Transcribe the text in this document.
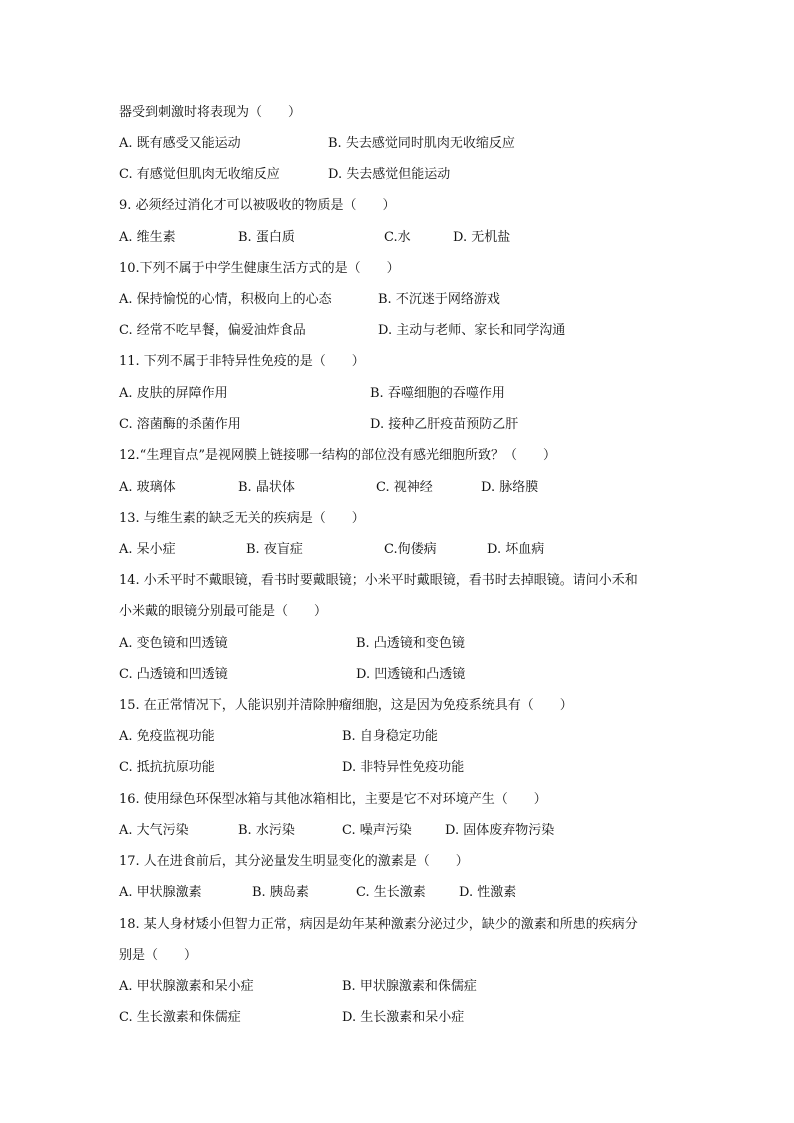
器受到刺激时将表现为（　　）
A. 既有感受又能运动	B. 失去感觉同时肌肉无收缩反应
C. 有感觉但肌肉无收缩反应	D. 失去感觉但能运动
9. 必须经过消化才可以被吸收的物质是（　　）
A. 维生素	B. 蛋白质	C.水	D. 无机盐
10.下列不属于中学生健康生活方式的是（　　）
A. 保持愉悦的心情，积极向上的心态	B. 不沉迷于网络游戏
C. 经常不吃早餐，偏爱油炸食品	D. 主动与老师、家长和同学沟通
11. 下列不属于非特异性免疫的是（　　）
A. 皮肤的屏障作用	B. 吞噬细胞的吞噬作用
C. 溶菌酶的杀菌作用	D. 接种乙肝疫苗预防乙肝
12.“生理盲点”是视网膜上链接哪一结构的部位没有感光细胞所致？（　　）
A. 玻璃体	B. 晶状体	C. 视神经	D. 脉络膜
13. 与维生素的缺乏无关的疾病是（　　）
A. 呆小症	B. 夜盲症	C.佝偻病	D. 坏血病
14. 小禾平时不戴眼镜，看书时要戴眼镜；小米平时戴眼镜，看书时去掉眼镜。请问小禾和
小米戴的眼镜分别最可能是（　　）
A. 变色镜和凹透镜	B. 凸透镜和变色镜
C. 凸透镜和凹透镜	D. 凹透镜和凸透镜
15. 在正常情况下，人能识别并清除肿瘤细胞，这是因为免疫系统具有（　　）
A. 免疫监视功能	B. 自身稳定功能
C. 抵抗抗原功能	D. 非特异性免疫功能
16. 使用绿色环保型冰箱与其他冰箱相比，主要是它不对环境产生（　　）
A. 大气污染	B. 水污染	C. 噪声污染	D. 固体废弃物污染
17. 人在进食前后，其分泌量发生明显变化的激素是（　　）
A. 甲状腺激素	B. 胰岛素	C. 生长激素	D. 性激素
18. 某人身材矮小但智力正常，病因是幼年某种激素分泌过少，缺少的激素和所患的疾病分
别是（　　）
A. 甲状腺激素和呆小症	B. 甲状腺激素和侏儒症
C. 生长激素和侏儒症	D. 生长激素和呆小症
